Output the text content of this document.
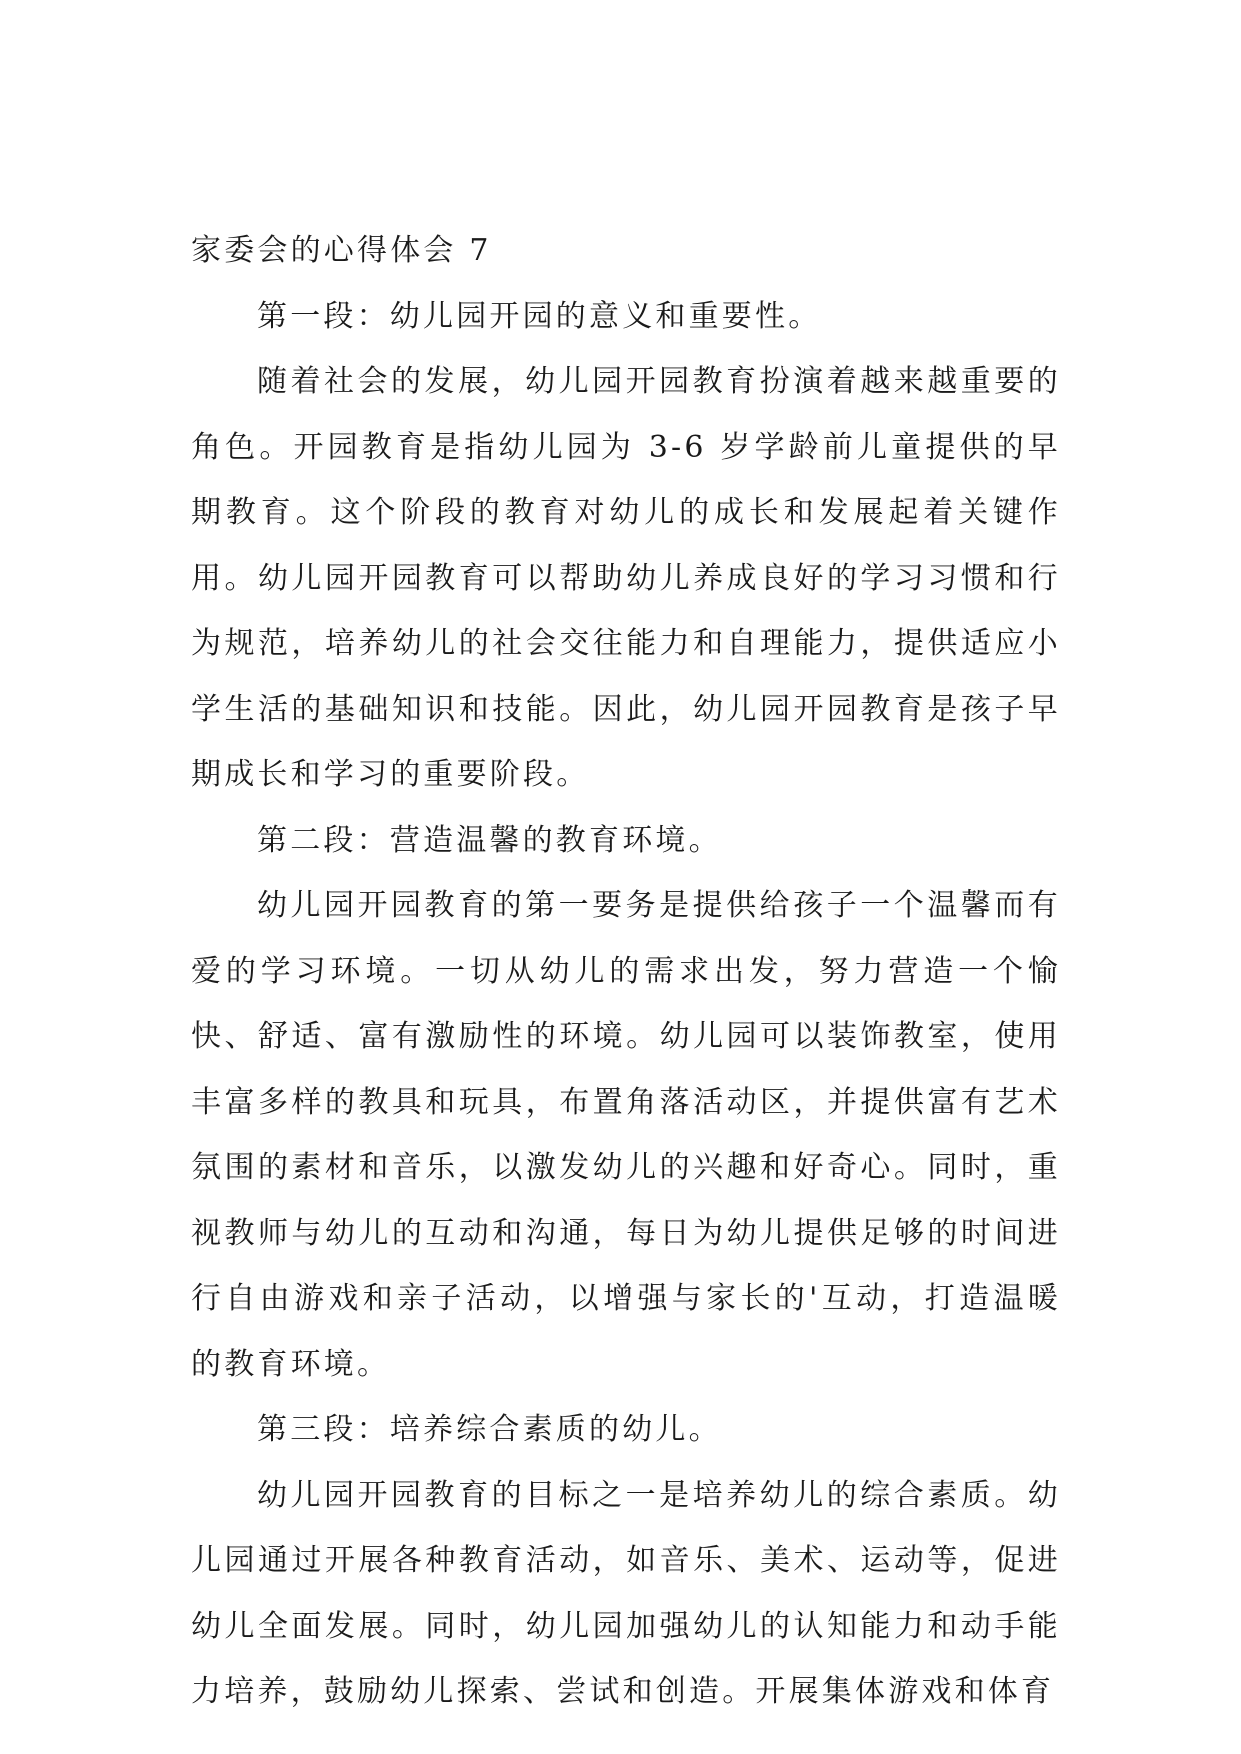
家委会的心得体会 7

第一段：幼儿园开园的意义和重要性。

随着社会的发展，幼儿园开园教育扮演着越来越重要的角色。开园教育是指幼儿园为 3-6 岁学龄前儿童提供的早期教育。这个阶段的教育对幼儿的成长和发展起着关键作用。幼儿园开园教育可以帮助幼儿养成良好的学习习惯和行为规范，培养幼儿的社会交往能力和自理能力，提供适应小学生活的基础知识和技能。因此，幼儿园开园教育是孩子早期成长和学习的重要阶段。

第二段：营造温馨的教育环境。

幼儿园开园教育的第一要务是提供给孩子一个温馨而有爱的学习环境。一切从幼儿的需求出发，努力营造一个愉快、舒适、富有激励性的环境。幼儿园可以装饰教室，使用丰富多样的教具和玩具，布置角落活动区，并提供富有艺术氛围的素材和音乐，以激发幼儿的兴趣和好奇心。同时，重视教师与幼儿的互动和沟通，每日为幼儿提供足够的时间进行自由游戏和亲子活动，以增强与家长的'互动，打造温暖的教育环境。

第三段：培养综合素质的幼儿。

幼儿园开园教育的目标之一是培养幼儿的综合素质。幼儿园通过开展各种教育活动，如音乐、美术、运动等，促进幼儿全面发展。同时，幼儿园加强幼儿的认知能力和动手能力培养，鼓励幼儿探索、尝试和创造。开展集体游戏和体育
